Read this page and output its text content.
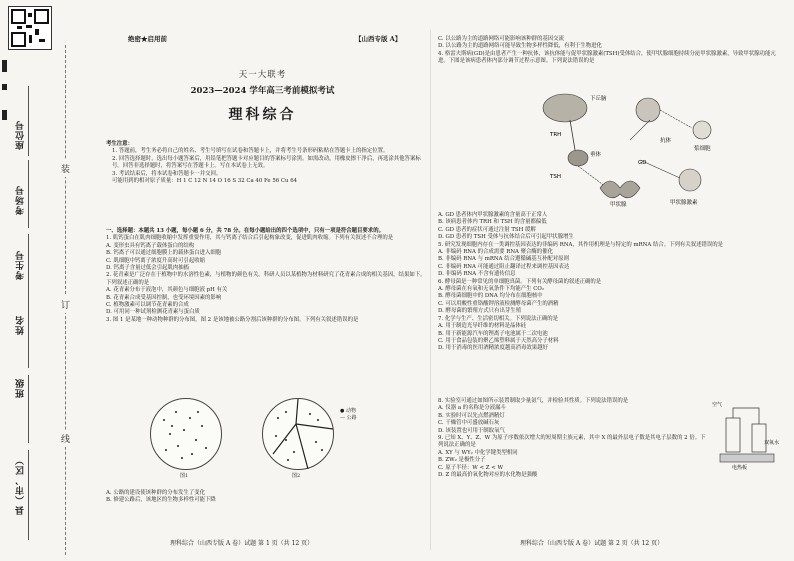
座位号
考场号
考生号
姓名
班级
县（市、区）
装
订
线
绝密★启用前	【山西专版 A】
天一大联考
2023—2024 学年高三考前模拟考试
理科综合

考生注意：

1. 答题前，考生务必将自己的姓名、考生号填写在试卷和答题卡上，并将考生号条形码粘贴在答题卡上的指定位置。

2. 回答选择题时，选出每小题答案后，用铅笔把答题卡对应题目的答案标号涂黑。如需改动，用橡皮擦干净后，再选涂其他答案标号。回答非选择题时，将答案写在答题卡上。写在本试卷上无效。

3. 考试结束后，将本试卷和答题卡一并交回。

可能用到的相对原子质量：H 1 C 12 N 14 O 16 S 32 Ca 40 Fe 56 Cu 64

一、选择题：本题共 13 小题，每小题 6 分，共 78 分。在每小题给出的四个选项中，只有一项是符合题目要求的。

1. 肌钙蛋白在肌肉细胞收缩中发挥重要作用，其与钙离子结合后引起构象改变，促进肌肉收缩。下列有关叙述不合理的是

A. 变形虫具有钙离子载体蛋白的结构

B. 钙离子可以通过细胞膜上的载体蛋白进入细胞

C. 肌细胞中钙离子浓度升高时可引起收缩

D. 钙离子含量过低会引起肌肉抽搐

2. 花青素是广泛存在于植物中的水溶性色素，与植物的颜色有关。科研人员以某植物为材料研究了花青素合成的相关基因，结果如下。下列叙述正确的是

A. 花青素分布于液泡中，其颜色与细胞液 pH 有关

B. 花青素合成受基因控制，也受环境因素的影响

C. 植物激素可以调节花青素的合成

D. 可用同一种试剂检测花青素与蛋白质

3. 图 1 是某地一种动物种群的分布图，图 2 是该地被公路分割后该种群的分布图。下列有关叙述错误的是

图1	图2
● 动物
— 公路

A. 公路的建设使该种群的分布发生了变化

B. 修建公路后，该地区的生物多样性可能下降

理科综合（山西专版 A 卷）试题 第 1 页（共 12 页）

C. 以公路为主的道路网络可能影响该种群的基因交流

D. 以公路为主的道路网络可能导致生物多样性降低，有利于生物进化

4. 格雷夫斯病(GD)是由患者产生一种抗体，该抗体能与促甲状腺激素(TSH)受体结合，使甲状腺细胞持续分泌甲状腺激素，导致甲状腺功能亢进。下图是该病患者体内部分调节过程示意图。下列说法错误的是

下丘脑
垂体
TRH
TSH
甲状腺
抗体
GD
浆细胞
甲状腺激素

A. GD 患者体内甲状腺激素的含量高于正常人

B. 该病患者体内 TRH 和 TSH 的含量都偏低

C. GD 患者的症状可通过注射 TSH 缓解

D. GD 患者的 TSH 受体与抗体结合后可引起甲状腺增生

5. 研究发现细胞内存在一类调控基因表达的非编码 RNA，其作用机理是与特定的 mRNA 结合。下列有关叙述错误的是

A. 非编码 RNA 的合成需要 RNA 聚合酶的催化

B. 非编码 RNA 与 mRNA 结合遵循碱基互补配对原则

C. 非编码 RNA 可能通过阻止翻译过程来调控基因表达

D. 非编码 RNA 不含有遗传信息

6. 酵母菌是一种常见的单细胞真菌。下列有关酵母菌的叙述正确的是

A. 酵母菌在有氧和无氧条件下均能产生 CO₂

B. 酵母菌细胞中的 DNA 均分布在细胞核中

C. 可以用酸性重铬酸钾溶液检测酵母菌产生的酒精

D. 酵母菌的繁殖方式只有出芽生殖

7. 化学与生产、生活密切相关。下列说法正确的是

A. 用于制造光导纤维的材料是晶体硅

B. 用于新能源汽车的锂离子电池属于二次电池

C. 用于食品包装的聚乙烯塑料属于天然高分子材料

D. 用于消毒的医用酒精浓度越高消毒效果越好

8. 实验室可通过如图所示装置制取少量氨气，并检验其性质。下列说法错误的是

A. 仪器 a 的名称是分液漏斗

B. 实验时可以先点燃酒精灯

C. 干燥管中可盛放碱石灰

D. 该装置也可用于制取氧气

9. 已知 X、Y、Z、W 为原子序数依次增大的短周期主族元素，其中 X 的最外层电子数是其电子层数的 2 倍。下列说法正确的是

A. XY 与 WY₂ 中化学键类型相同

B. ZW₂ 是极性分子

C. 原子半径：W < Z < W

D. Z 的最高价氧化物对应的水化物是强酸

空气
双氧水
电热板
理科综合（山西专版 A 卷）试题 第 2 页（共 12 页）
